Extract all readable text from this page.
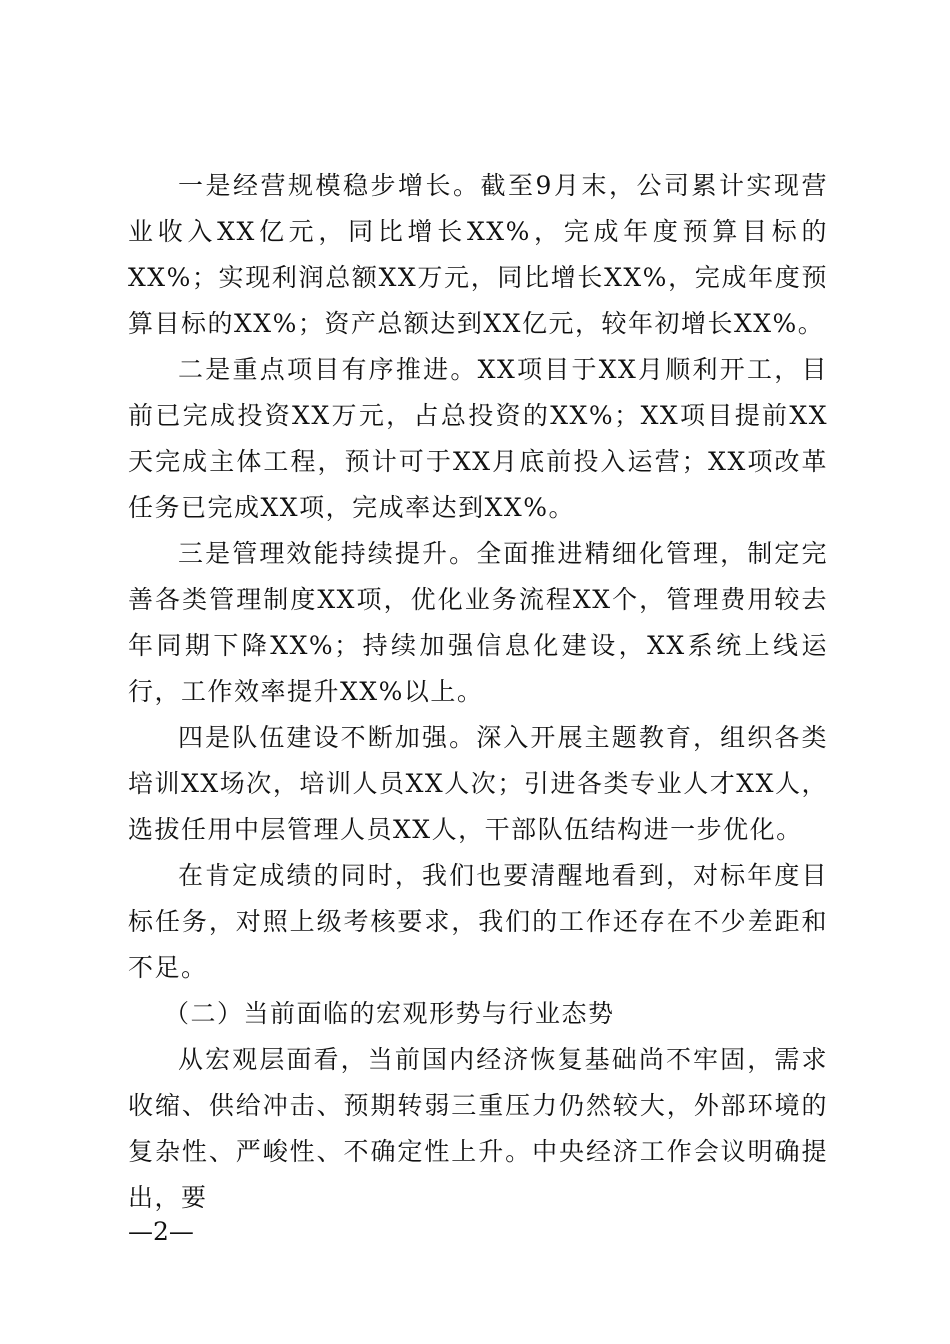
一是经营规模稳步增长。截至9月末，公司累计实现营业收入XX亿元，同比增长XX%，完成年度预算目标的XX%；实现利润总额XX万元，同比增长XX%，完成年度预算目标的XX%；资产总额达到XX亿元，较年初增长XX%。

二是重点项目有序推进。XX项目于XX月顺利开工，目前已完成投资XX万元，占总投资的XX%；XX项目提前XX天完成主体工程，预计可于XX月底前投入运营；XX项改革任务已完成XX项，完成率达到XX%。

三是管理效能持续提升。全面推进精细化管理，制定完善各类管理制度XX项，优化业务流程XX个，管理费用较去年同期下降XX%；持续加强信息化建设，XX系统上线运行，工作效率提升XX%以上。

四是队伍建设不断加强。深入开展主题教育，组织各类培训XX场次，培训人员XX人次；引进各类专业人才XX人，选拔任用中层管理人员XX人，干部队伍结构进一步优化。

在肯定成绩的同时，我们也要清醒地看到，对标年度目标任务，对照上级考核要求，我们的工作还存在不少差距和不足。

（二）当前面临的宏观形势与行业态势

从宏观层面看，当前国内经济恢复基础尚不牢固，需求收缩、供给冲击、预期转弱三重压力仍然较大，外部环境的复杂性、严峻性、不确定性上升。中央经济工作会议明确提出，要

—2—
